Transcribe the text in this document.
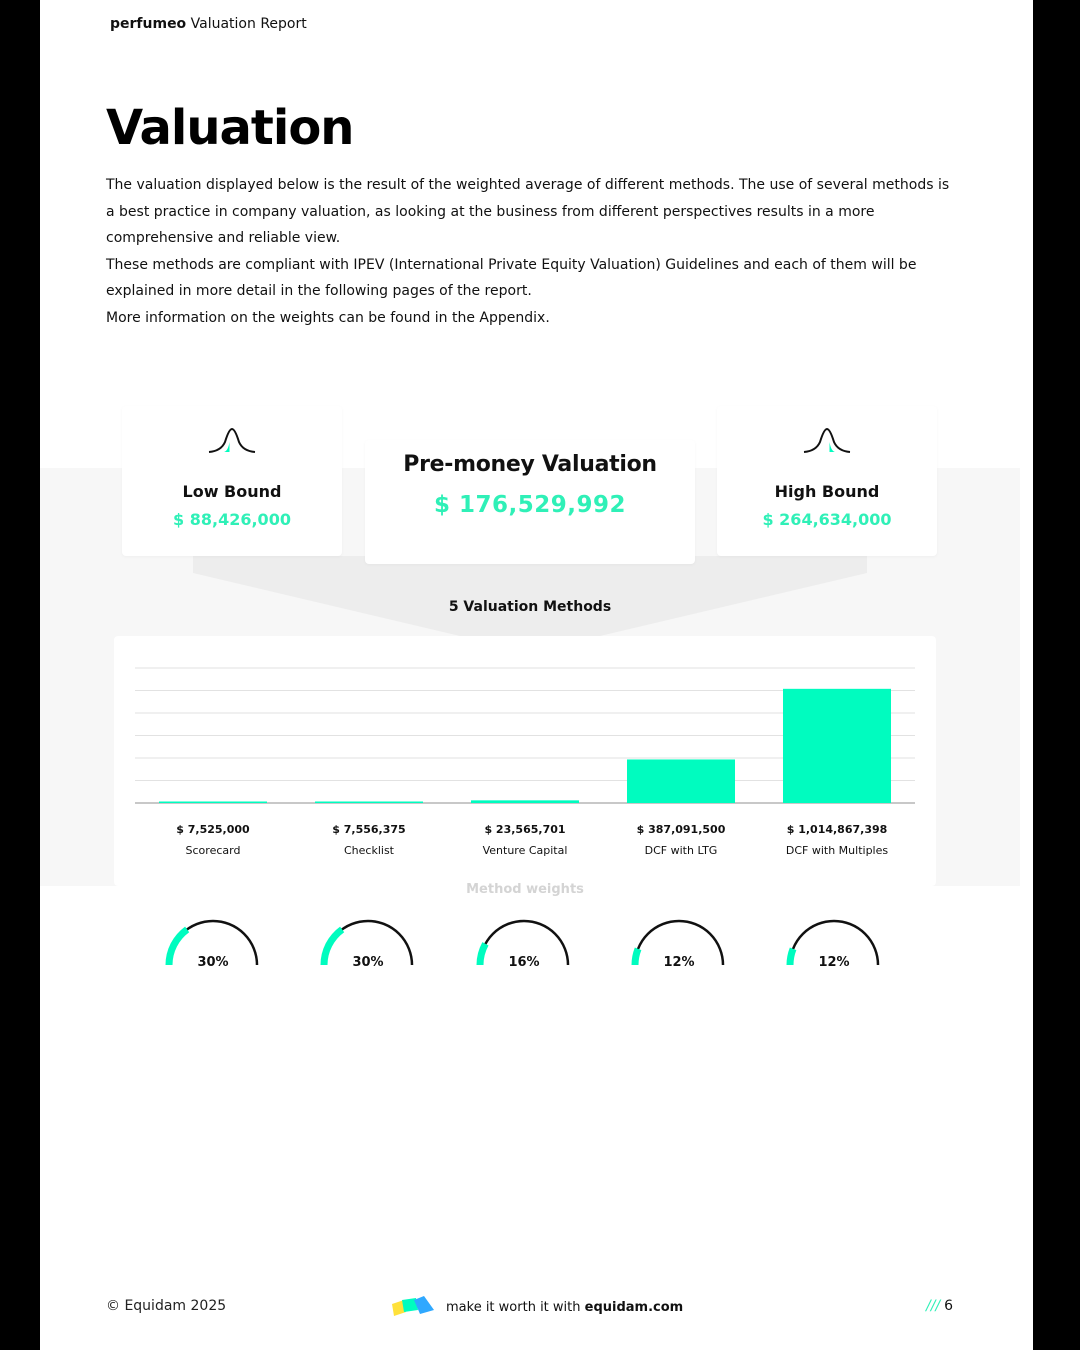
perfumeo Valuation Report
Valuation

The valuation displayed below is the result of the weighted average of different methods. The use of several methods is a best practice in company valuation, as looking at the business from different perspectives results in a more comprehensive and reliable view.

These methods are compliant with IPEV (International Private Equity Valuation) Guidelines and each of them will be explained in more detail in the following pages of the report.

More information on the weights can be found in the Appendix.

Low Bound
$ 88,426,000
Pre-money Valuation
$ 176,529,992
High Bound
$ 264,634,000
5 Valuation Methods
$ 7,525,000
Scorecard
$ 7,556,375
Checklist
$ 23,565,701
Venture Capital
$ 387,091,500
DCF with LTG
$ 1,014,867,398
DCF with Multiples
Method weights
30%	30%	16%	12%	12%
© Equidam 2025	make it worth it with equidam.com	/// 6
